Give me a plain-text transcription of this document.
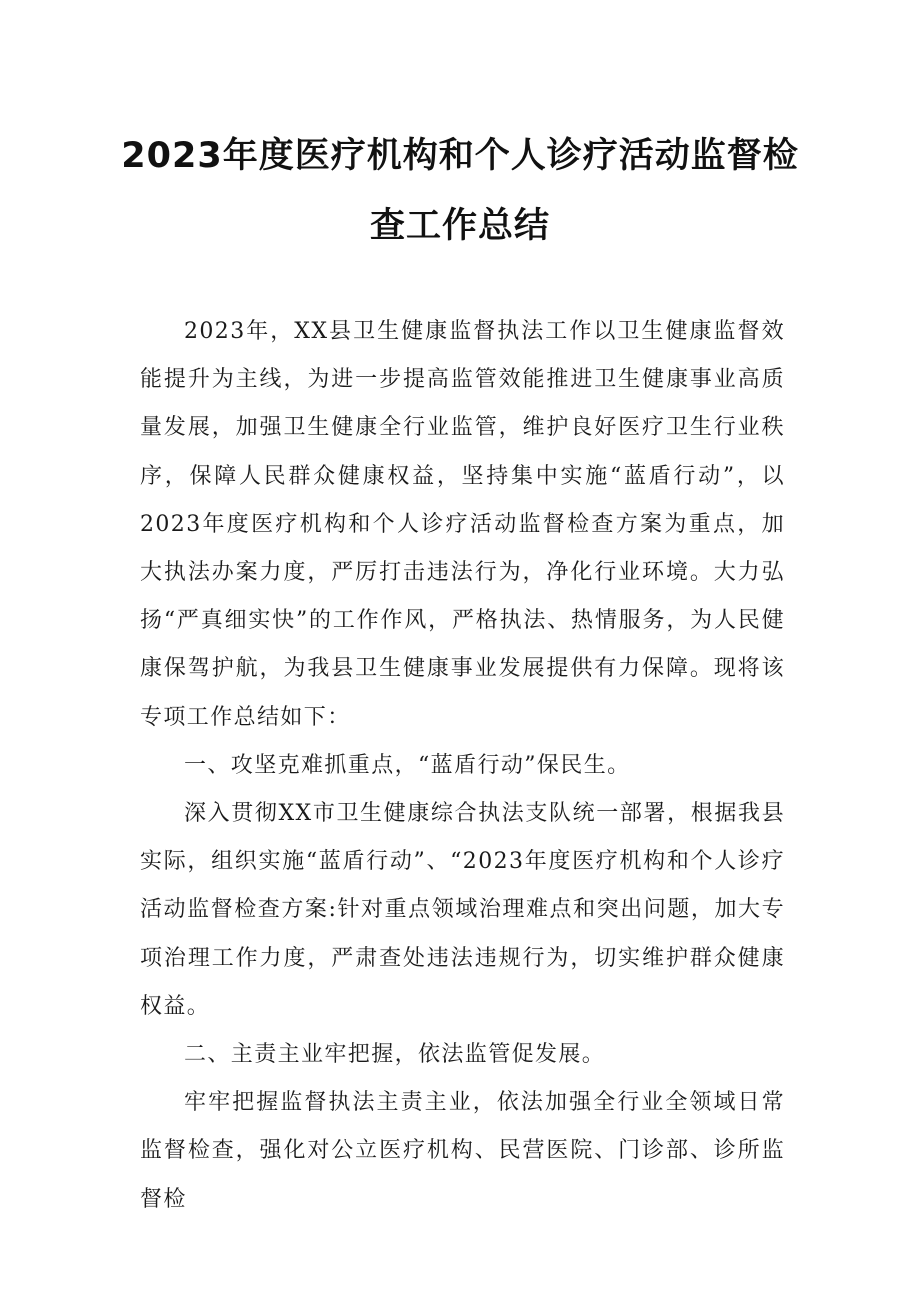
2023年度医疗机构和个人诊疗活动监督检
查工作总结

2023年，XX县卫生健康监督执法工作以卫生健康监督效能提升为主线，为进一步提高监管效能推进卫生健康事业高质量发展，加强卫生健康全行业监管，维护良好医疗卫生行业秩序，保障人民群众健康权益，坚持集中实施“蓝盾行动”，以2023年度医疗机构和个人诊疗活动监督检查方案为重点，加大执法办案力度，严厉打击违法行为，净化行业环境。大力弘扬“严真细实快”的工作作风，严格执法、热情服务，为人民健康保驾护航，为我县卫生健康事业发展提供有力保障。现将该专项工作总结如下：

一、攻坚克难抓重点，“蓝盾行动”保民生。

深入贯彻XX市卫生健康综合执法支队统一部署，根据我县实际，组织实施“蓝盾行动”、“2023年度医疗机构和个人诊疗活动监督检查方案:针对重点领域治理难点和突出问题，加大专项治理工作力度，严肃查处违法违规行为，切实维护群众健康权益。

二、主责主业牢把握，依法监管促发展。

牢牢把握监督执法主责主业，依法加强全行业全领域日常监督检查，强化对公立医疗机构、民营医院、门诊部、诊所监督检
